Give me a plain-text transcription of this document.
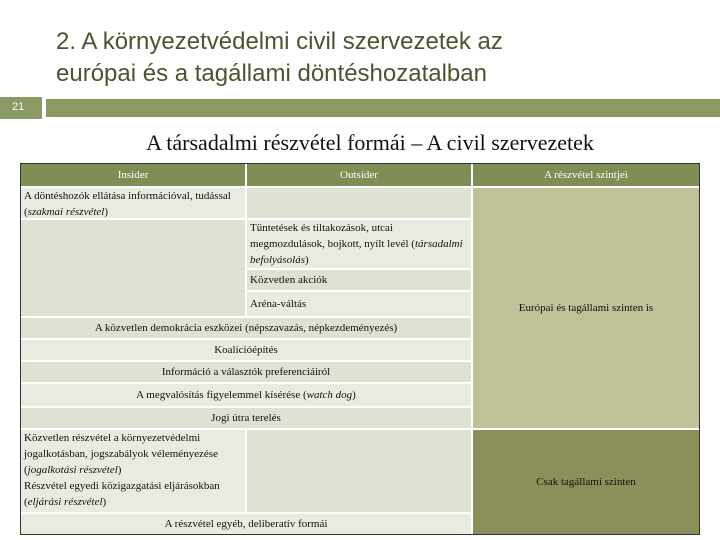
2. A környezetvédelmi civil szervezetek az
európai és a tagállami döntéshozatalban
21
A társadalmi részvétel formái – A civil szervezetek
Insider	Outsider	A részvétel szintjei
A döntéshozók ellátása információval, tudással (szakmai részvétel)
Európai és tagállami szinten is
Csak tagállami szinten
Tüntetések és tiltakozások, utcai megmozdulások, bojkott, nyílt levél (társadalmi befolyásolás)
Közvetlen akciók
Aréna-váltás
A közvetlen demokrácia eszközei (népszavazás, népkezdeményezés)
Koalícióépítés
Információ a választók preferenciáiról
A megvalósítás figyelemmel kísérése (watch dog)
Jogi útra terelés
Közvetlen részvétel a környezetvédelmi jogalkotásban, jogszabályok véleményezése (jogalkotási részvétel)
Részvétel egyedi közigazgatási eljárásokban (eljárási részvétel)
A részvétel egyéb, deliberatív formái
